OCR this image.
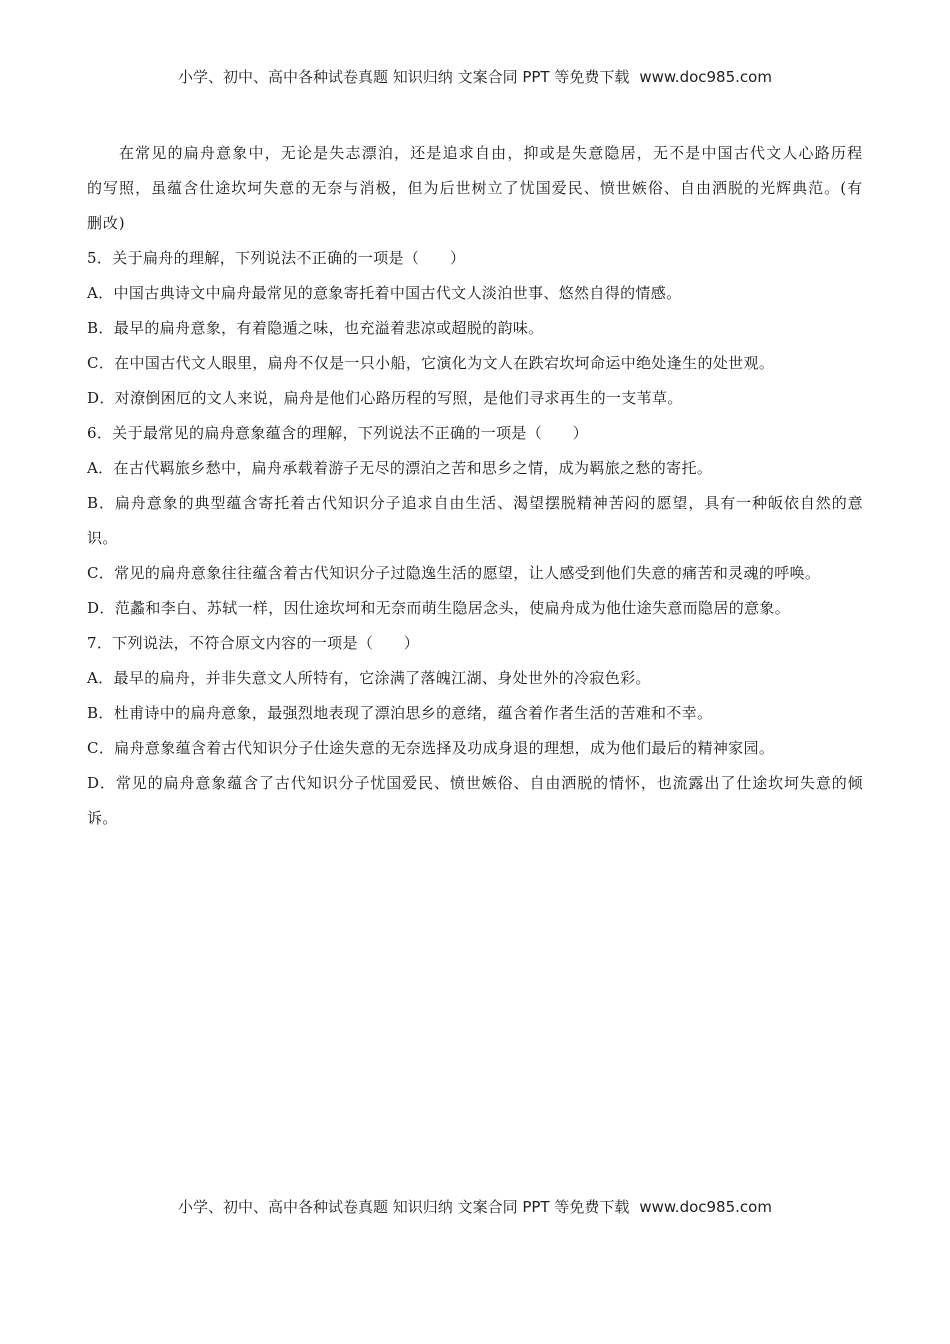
小学、初中、高中各种试卷真题 知识归纳 文案合同 PPT 等免费下载 www.doc985.com

在常见的扁舟意象中，无论是失志漂泊，还是追求自由，抑或是失意隐居，无不是中国古代文人心路历程的写照，虽蕴含仕途坎坷失意的无奈与消极，但为后世树立了忧国爱民、愤世嫉俗、自由洒脱的光辉典范。(有删改)

5．关于扁舟的理解，下列说法不正确的一项是（　　）

A．中国古典诗文中扁舟最常见的意象寄托着中国古代文人淡泊世事、悠然自得的情感。

B．最早的扁舟意象，有着隐遁之味，也充溢着悲凉或超脱的韵味。

C．在中国古代文人眼里，扁舟不仅是一只小船，它演化为文人在跌宕坎坷命运中绝处逢生的处世观。

D．对潦倒困厄的文人来说，扁舟是他们心路历程的写照，是他们寻求再生的一支苇草。

6．关于最常见的扁舟意象蕴含的理解，下列说法不正确的一项是（　　）

A．在古代羁旅乡愁中，扁舟承载着游子无尽的漂泊之苦和思乡之情，成为羁旅之愁的寄托。

B．扁舟意象的典型蕴含寄托着古代知识分子追求自由生活、渴望摆脱精神苦闷的愿望，具有一种皈依自然的意识。

C．常见的扁舟意象往往蕴含着古代知识分子过隐逸生活的愿望，让人感受到他们失意的痛苦和灵魂的呼唤。

D．范蠡和李白、苏轼一样，因仕途坎坷和无奈而萌生隐居念头，使扁舟成为他仕途失意而隐居的意象。

7．下列说法，不符合原文内容的一项是（　　）

A．最早的扁舟，并非失意文人所特有，它涂满了落魄江湖、身处世外的冷寂色彩。

B．杜甫诗中的扁舟意象，最强烈地表现了漂泊思乡的意绪，蕴含着作者生活的苦难和不幸。

C．扁舟意象蕴含着古代知识分子仕途失意的无奈选择及功成身退的理想，成为他们最后的精神家园。

D．常见的扁舟意象蕴含了古代知识分子忧国爱民、愤世嫉俗、自由洒脱的情怀，也流露出了仕途坎坷失意的倾诉。

小学、初中、高中各种试卷真题 知识归纳 文案合同 PPT 等免费下载 www.doc985.com
